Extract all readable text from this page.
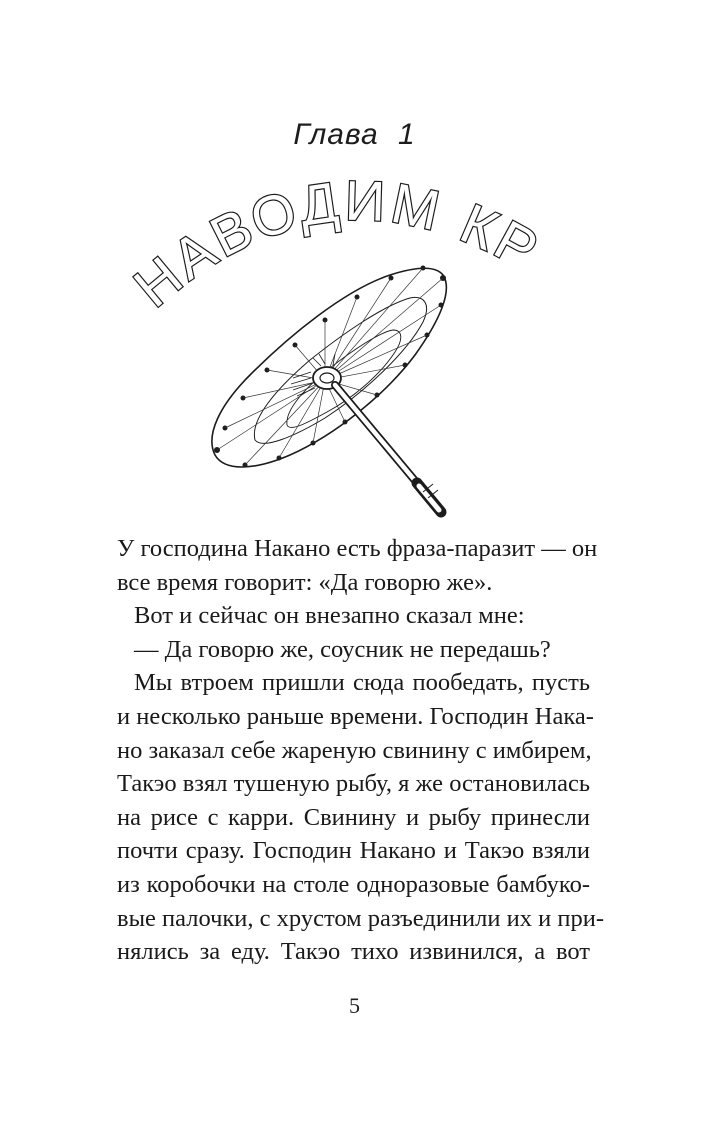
Глава 1
НАВОДИМ КРАСОТУ
У господина Накано есть фраза-паразит — он
все время говорит: «Да говорю же».
Вот и сейчас он внезапно сказал мне:
— Да говорю же, соусник не передашь?
Мы втроем пришли сюда пообедать, пусть
и несколько раньше времени. Господин Нака-
но заказал себе жареную свинину с имбирем,
Такэо взял тушеную рыбу, я же остановилась
на рисе с карри. Свинину и рыбу принесли
почти сразу. Господин Накано и Такэо взяли
из коробочки на столе одноразовые бамбуко-
вые палочки, с хрустом разъединили их и при-
нялись за еду. Такэо тихо извинился, а вот
5
